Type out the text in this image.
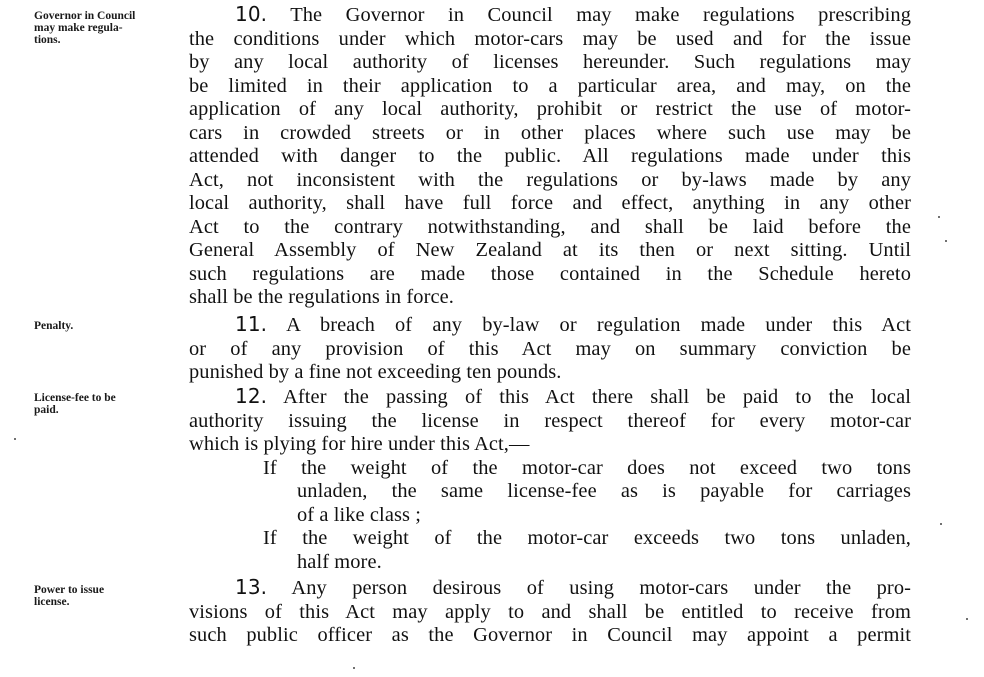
Governor in Council
may make regula-
tions.
Penalty.
License-fee to be
paid.
Power to issue
license.
10. The Governor in Council may make regulations prescribing
the conditions under which motor-cars may be used and for the issue
by any local authority of licenses hereunder. Such regulations may
be limited in their application to a particular area, and may, on the
application of any local authority, prohibit or restrict the use of motor-
cars in crowded streets or in other places where such use may be
attended with danger to the public. All regulations made under this
Act, not inconsistent with the regulations or by-laws made by any
local authority, shall have full force and effect, anything in any other
Act to the contrary notwithstanding, and shall be laid before the
General Assembly of New Zealand at its then or next sitting. Until
such regulations are made those contained in the Schedule hereto
shall be the regulations in force.
11. A breach of any by-law or regulation made under this Act
or of any provision of this Act may on summary conviction be
punished by a fine not exceeding ten pounds.
12. After the passing of this Act there shall be paid to the local
authority issuing the license in respect thereof for every motor-car
which is plying for hire under this Act,—
If the weight of the motor-car does not exceed two tons
unladen, the same license-fee as is payable for carriages
of a like class ;
If the weight of the motor-car exceeds two tons unladen,
half more.
13. Any person desirous of using motor-cars under the pro-
visions of this Act may apply to and shall be entitled to receive from
such public officer as the Governor in Council may appoint a permit
